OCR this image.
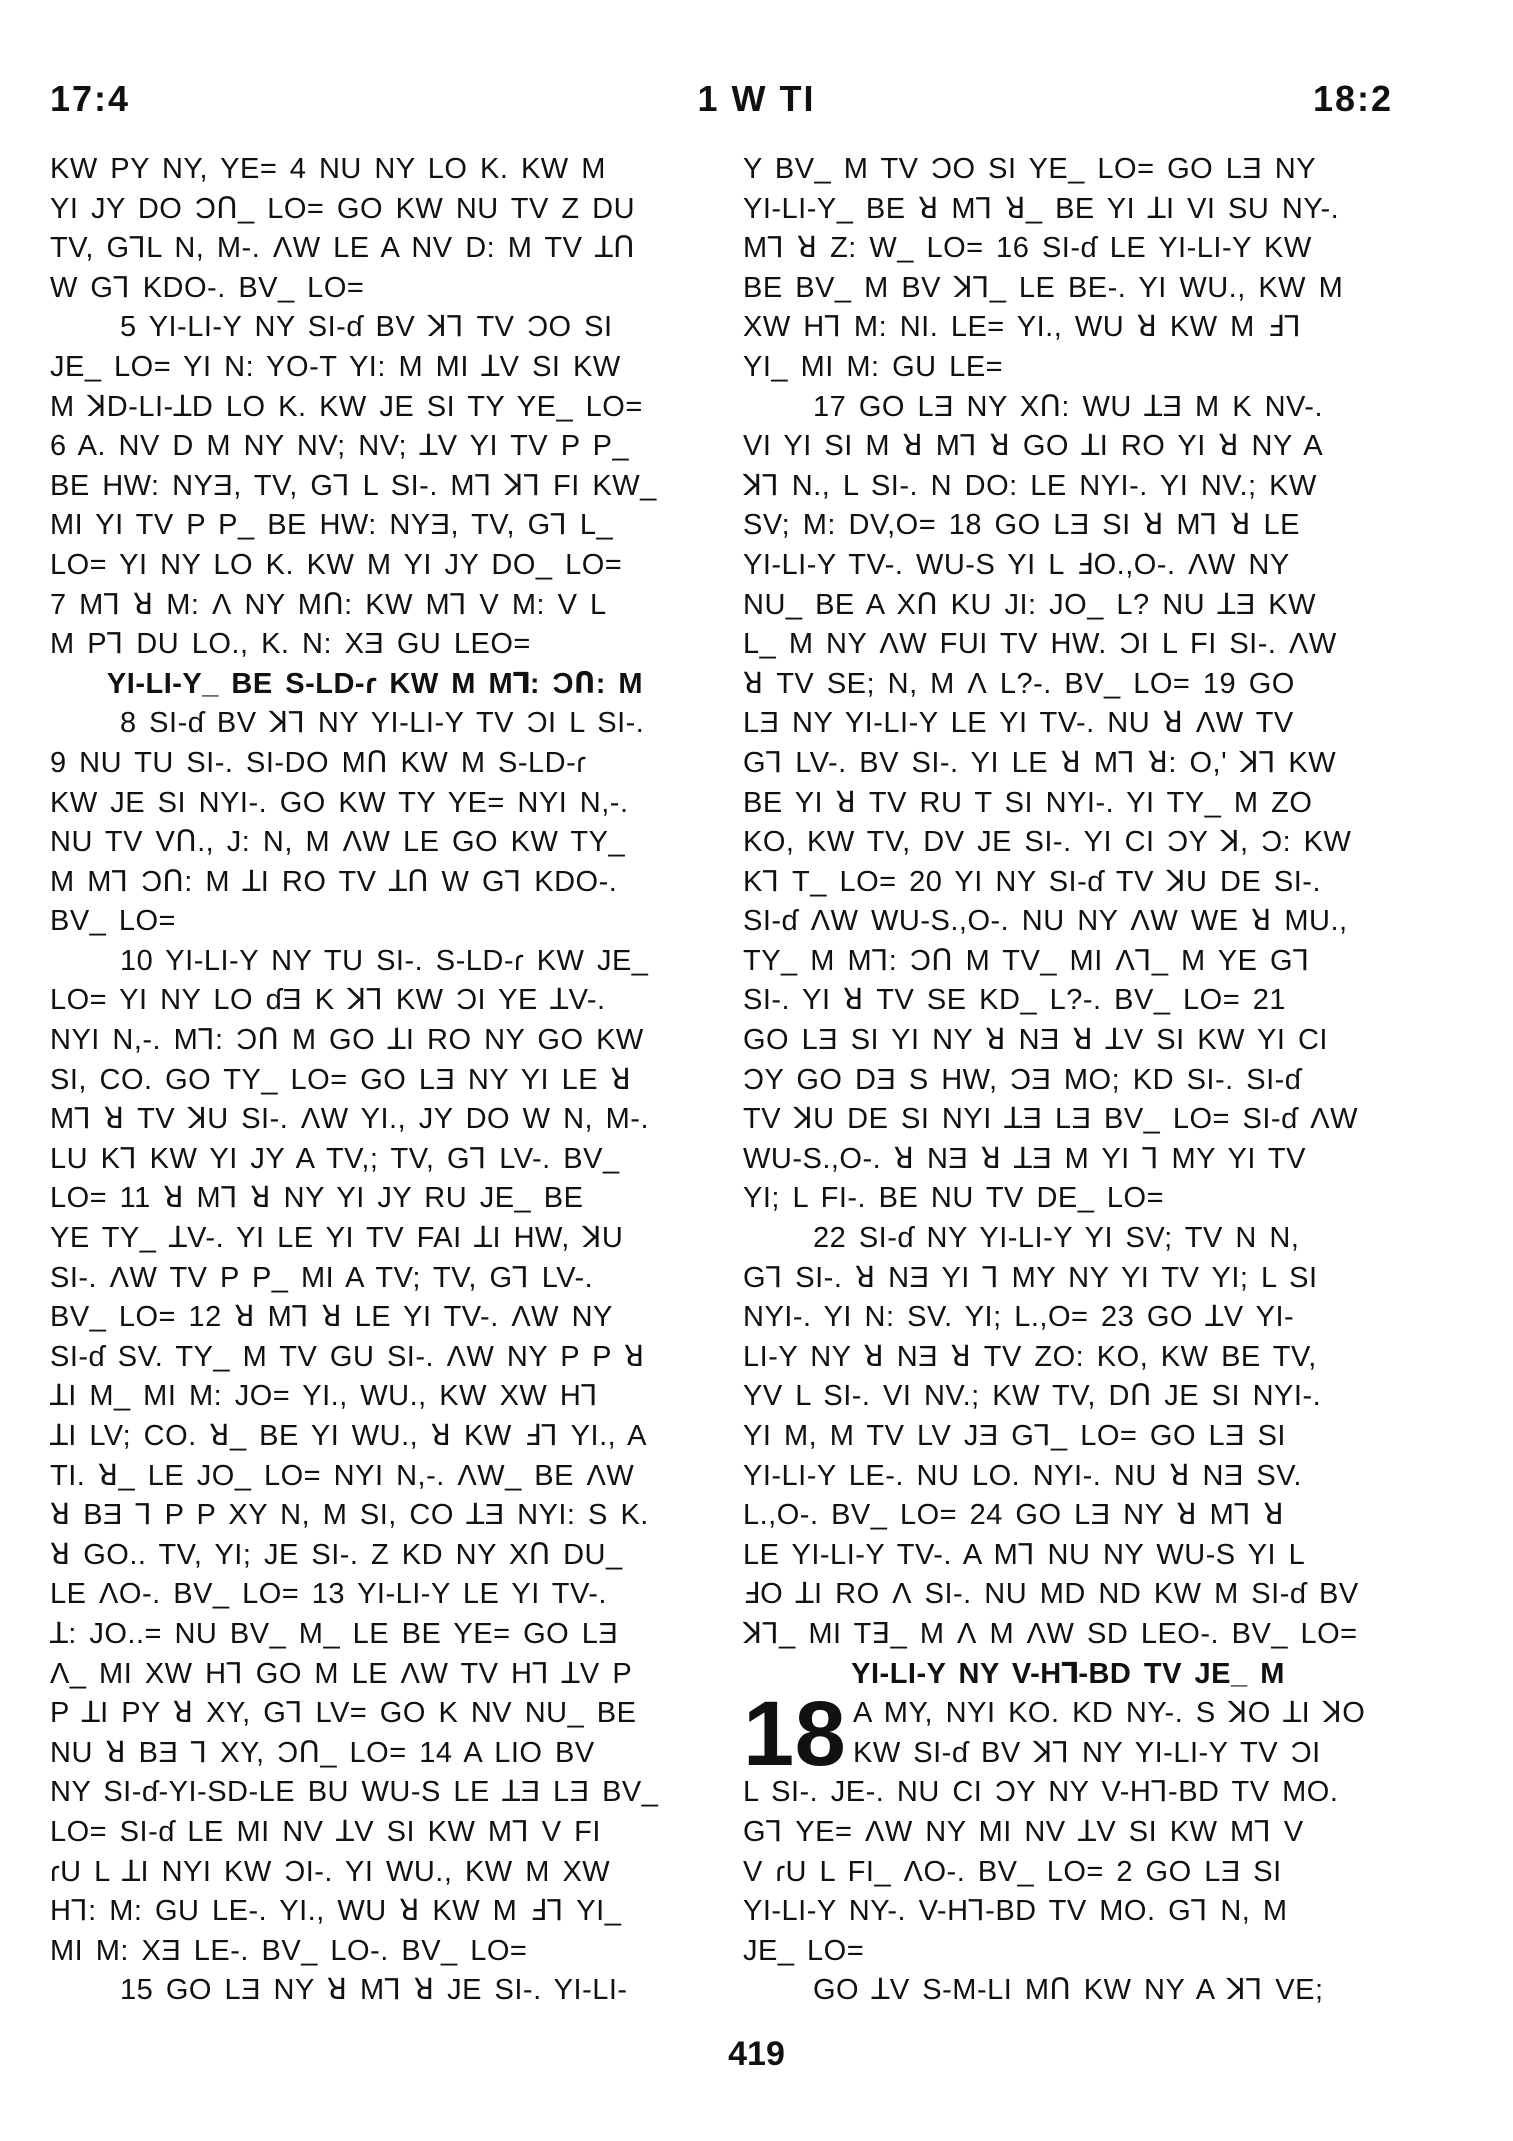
17:4	1 W TI	18:2
KW PY NY, YE= 4 NU NY LO K. KW M
YI JY DO ƆՈ_ LO= GO KW NU TV Z DU
TV, GꓶL N, M-. ɅW LE A NV D: M TV ꓕՈ
W Gꓶ KDO-. BV_ LO=
5 YI-LI-Y NY SI-ɗ BV ꓘꓶ TV ƆO SI
JE_ LO= YI N: YO-T YI: M MI ꓕV SI KW
M ꓘD-LI-ꓕD LO K. KW JE SI TY YE_ LO=
6 A. NV D M NY NV; NV; ꓕV YI TV P P_
BE HW: NYƎ, TV, Gꓶ L SI-. Mꓶ ꓘꓶ FI KW_
MI YI TV P P_ BE HW: NYƎ, TV, Gꓶ L_
LO= YI NY LO K. KW M YI JY DO_ LO=
7 Mꓶ ꓤ M: Ʌ NY MՈ: KW Mꓶ V M: V L
M Pꓶ DU LO., K. N: XƎ GU LEO=
YI-LI-Y_ BE S-LD-ɾ KW M Mꓶ: ƆՈ: M
8 SI-ɗ BV ꓘꓶ NY YI-LI-Y TV ƆI L SI-.
9 NU TU SI-. SI-DO MՈ KW M S-LD-ɾ
KW JE SI NYI-. GO KW TY YE= NYI N,-.
NU TV VՈ., J: N, M ɅW LE GO KW TY_
M Mꓶ ƆՈ: M ꓕI RO TV ꓕՈ W Gꓶ KDO-.
BV_ LO=
10 YI-LI-Y NY TU SI-. S-LD-ɾ KW JE_
LO= YI NY LO ɗƎ K ꓘꓶ KW ƆI YE ꓕV-.
NYI N,-. Mꓶ: ƆՈ M GO ꓕI RO NY GO KW
SI, CO. GO TY_ LO= GO LƎ NY YI LE ꓤ
Mꓶ ꓤ TV ꓘU SI-. ɅW YI., JY DO W N, M-.
LU Kꓶ KW YI JY A TV,; TV, Gꓶ LV-. BV_
LO= 11 ꓤ Mꓶ ꓤ NY YI JY RU JE_ BE
YE TY_ ꓕV-. YI LE YI TV FAI ꓕI HW, ꓘU
SI-. ɅW TV P P_ MI A TV; TV, Gꓶ LV-.
BV_ LO= 12 ꓤ Mꓶ ꓤ LE YI TV-. ɅW NY
SI-ɗ SV. TY_ M TV GU SI-. ɅW NY P P ꓤ
ꓕI M_ MI M: JO= YI., WU., KW XW Hꓶ
ꓕI LV; CO. ꓤ_ BE YI WU., ꓤ KW ꓞꓶ YI., A
TI. ꓤ_ LE JO_ LO= NYI N,-. ɅW_ BE ɅW
ꓤ BƎ ꓶ P P XY N, M SI, CO ꓕƎ NYI: S K.
ꓤ GO.. TV, YI; JE SI-. Z KD NY XՈ DU_
LE ɅO-. BV_ LO= 13 YI-LI-Y LE YI TV-.
ꓕ: JO..= NU BV_ M_ LE BE YE= GO LƎ
Ʌ_ MI XW Hꓶ GO M LE ɅW TV Hꓶ ꓕV P
P ꓕI PY ꓤ XY, Gꓶ LV= GO K NV NU_ BE
NU ꓤ BƎ ꓶ XY, ƆՈ_ LO= 14 A LIO BV
NY SI-ɗ-YI-SD-LE BU WU-S LE ꓕƎ LƎ BV_
LO= SI-ɗ LE MI NV ꓕV SI KW Mꓶ V FI
ɾU L ꓕI NYI KW ƆI-. YI WU., KW M XW
Hꓶ: M: GU LE-. YI., WU ꓤ KW M ꓞꓶ YI_
MI M: XƎ LE-. BV_ LO-. BV_ LO=
15 GO LƎ NY ꓤ Mꓶ ꓤ JE SI-. YI-LI-
Y BV_ M TV ƆO SI YE_ LO= GO LƎ NY
YI-LI-Y_ BE ꓤ Mꓶ ꓤ_ BE YI ꓕI VI SU NY-.
Mꓶ ꓤ Z: W_ LO= 16 SI-ɗ LE YI-LI-Y KW
BE BV_ M BV ꓘꓶ_ LE BE-. YI WU., KW M
XW Hꓶ M: NI. LE= YI., WU ꓤ KW M ꓞꓶ
YI_ MI M: GU LE=
17 GO LƎ NY XՈ: WU ꓕƎ M K NV-.
VI YI SI M ꓤ Mꓶ ꓤ GO ꓕI RO YI ꓤ NY A
ꓘꓶ N., L SI-. N DO: LE NYI-. YI NV.; KW
SV; M: DV,O= 18 GO LƎ SI ꓤ Mꓶ ꓤ LE
YI-LI-Y TV-. WU-S YI L ꓞO.,O-. ɅW NY
NU_ BE A XՈ KU JI: JO_ L? NU ꓕƎ KW
L_ M NY ɅW FUI TV HW. ƆI L FI SI-. ɅW
ꓤ TV SE; N, M Ʌ L?-. BV_ LO= 19 GO
LƎ NY YI-LI-Y LE YI TV-. NU ꓤ ɅW TV
Gꓶ LV-. BV SI-. YI LE ꓤ Mꓶ ꓤ: O,' ꓘꓶ KW
BE YI ꓤ TV RU T SI NYI-. YI TY_ M ZO
KO, KW TV, DV JE SI-. YI CI ƆY ꓘ, Ɔ: KW
Kꓶ T_ LO= 20 YI NY SI-ɗ TV ꓘU DE SI-.
SI-ɗ ɅW WU-S.,O-. NU NY ɅW WE ꓤ MU.,
TY_ M Mꓶ: ƆՈ M TV_ MI Ʌꓶ_ M YE Gꓶ
SI-. YI ꓤ TV SE KD_ L?-. BV_ LO= 21
GO LƎ SI YI NY ꓤ NƎ ꓤ ꓕV SI KW YI CI
ƆY GO DƎ S HW, ƆƎ MO; KD SI-. SI-ɗ
TV ꓘU DE SI NYI ꓕƎ LƎ BV_ LO= SI-ɗ ɅW
WU-S.,O-. ꓤ NƎ ꓤ ꓕƎ M YI ꓶ MY YI TV
YI; L FI-. BE NU TV DE_ LO=
22 SI-ɗ NY YI-LI-Y YI SV; TV N N,
Gꓶ SI-. ꓤ NƎ YI ꓶ MY NY YI TV YI; L SI
NYI-. YI N: SV. YI; L.,O= 23 GO ꓕV YI-
LI-Y NY ꓤ NƎ ꓤ TV ZO: KO, KW BE TV,
YV L SI-. VI NV.; KW TV, DՈ JE SI NYI-.
YI M, M TV LV JƎ Gꓶ_ LO= GO LƎ SI
YI-LI-Y LE-. NU LO. NYI-. NU ꓤ NƎ SV.
L.,O-. BV_ LO= 24 GO LƎ NY ꓤ Mꓶ ꓤ
LE YI-LI-Y TV-. A Mꓶ NU NY WU-S YI L
ꓞO ꓕI RO Ʌ SI-. NU MD ND KW M SI-ɗ BV
ꓘꓶ_ MI Tꓱ_ M Ʌ M ɅW SD LEO-. BV_ LO=
YI-LI-Y NY V-Hꓶ-BD TV JE_ M
18 A MY, NYI KO. KD NY-. S ꓘO ꓕI ꓘO
KW SI-ɗ BV ꓘꓶ NY YI-LI-Y TV ƆI
L SI-. JE-. NU CI ƆY NY V-Hꓶ-BD TV MO.
Gꓶ YE= ɅW NY MI NV ꓕV SI KW Mꓶ V
V ɾU L FI_ ɅO-. BV_ LO= 2 GO LƎ SI
YI-LI-Y NY-. V-Hꓶ-BD TV MO. Gꓶ N, M
JE_ LO=
GO ꓕV S-M-LI MՈ KW NY A ꓘꓶ VE;
419
